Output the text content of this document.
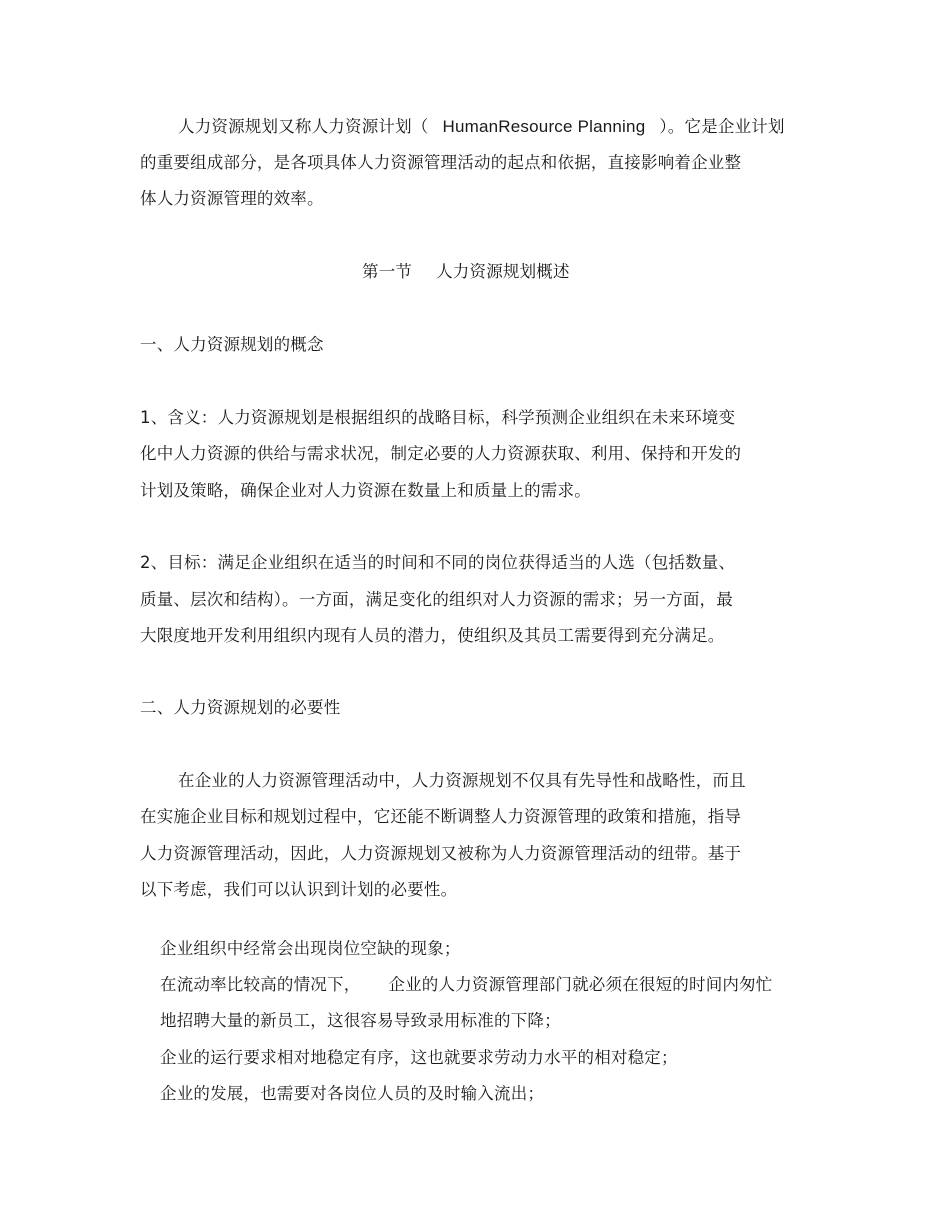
人力资源规划又称人力资源计划（ HumanResource Planning ）。它是企业计划
的重要组成部分，是各项具体人力资源管理活动的起点和依据，直接影响着企业整
体人力资源管理的效率。
第一节 人力资源规划概述
一、人力资源规划的概念
1、含义：人力资源规划是根据组织的战略目标，科学预测企业组织在未来环境变
化中人力资源的供给与需求状况，制定必要的人力资源获取、利用、保持和开发的
计划及策略，确保企业对人力资源在数量上和质量上的需求。
2、目标：满足企业组织在适当的时间和不同的岗位获得适当的人选（包括数量、
质量、层次和结构）。一方面，满足变化的组织对人力资源的需求；另一方面，最
大限度地开发利用组织内现有人员的潜力，使组织及其员工需要得到充分满足。
二、人力资源规划的必要性
在企业的人力资源管理活动中，人力资源规划不仅具有先导性和战略性，而且
在实施企业目标和规划过程中，它还能不断调整人力资源管理的政策和措施，指导
人力资源管理活动，因此，人力资源规划又被称为人力资源管理活动的纽带。基于
以下考虑，我们可以认识到计划的必要性。
企业组织中经常会出现岗位空缺的现象；
在流动率比较高的情况下， 企业的人力资源管理部门就必须在很短的时间内匆忙
地招聘大量的新员工，这很容易导致录用标准的下降；
企业的运行要求相对地稳定有序，这也就要求劳动力水平的相对稳定；
企业的发展，也需要对各岗位人员的及时输入流出；
